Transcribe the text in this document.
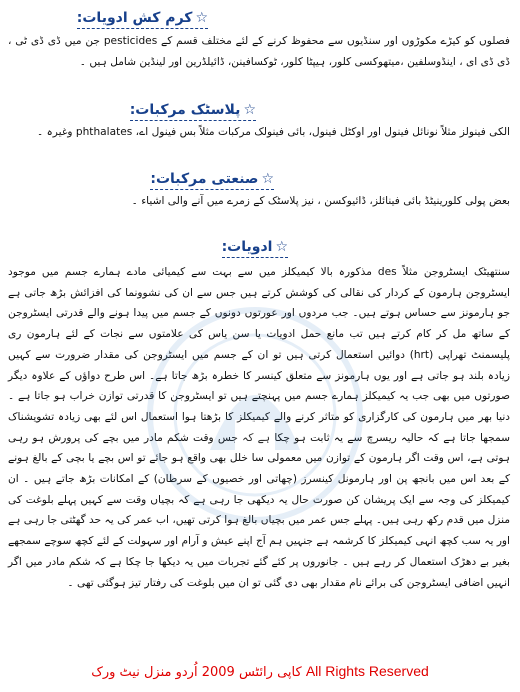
☆کرم کش ادویات:

فصلوں کو کیڑے مکوڑوں اور سنڈیوں سے محفوظ کرنے کے لئے مختلف قسم کے pesticides جن میں ڈی ڈی ٹی ، ڈی ڈی ای ، اینڈوسلفین ،میتھوکسی کلور، ہیپٹا کلور، ٹوکسافینن، ڈائیلڈرین اور لینڈین شامل ہیں ۔

☆پلاسٹک مرکبات:

الکی فینولز مثلاً نونائل فینول اور اوکٹل فینول، بائی فینولک مرکبات مثلاً بس فینول اے، phthalates وغیرہ ۔

☆صنعتی مرکبات:

بعض پولی کلورینیٹڈ بائی فینائلز، ڈائیوکسن ، نیز پلاسٹک کے زمرے میں آنے والی اشیاء ۔

☆ادویات:

سنتھیٹک ایسٹروجن مثلاً des مذکورہ بالا کیمیکلز میں سے بہت سے کیمیائی مادے ہمارے جسم میں موجود ایسٹروجن ہارمون کے کردار کی نقالی کی کوشش کرتے ہیں جس سے ان کی نشوونما کی افزائش بڑھ جاتی ہے جو ہارمونز سے حساس ہوتے ہیں۔ جب مردوں اور عورتوں دونوں کے جسم میں پیدا ہونے والے قدرتی ایسٹروجن کے ساتھ مل کر کام کرتے ہیں تب مانع حمل ادویات یا سن یاس کی علامتوں سے نجات کے لئے ہارمون ری پلیسمنٹ تھراپی (hrt) دوائیں استعمال کرتی ہیں تو ان کے جسم میں ایسٹروجن کی مقدار ضرورت سے کہیں زیادہ بلند ہو جاتی ہے اور یوں ہارمونز سے متعلق کینسر کا خطرہ بڑھ جاتا ہے۔ اس طرح دواؤں کے علاوہ دیگر صورتوں میں بھی جب یہ کیمیکلز ہمارے جسم میں پہنچتے ہیں تو ایسٹروجن کا قدرتی توازن خراب ہو جاتا ہے ۔ دنیا بھر میں ہارمون کی کارگزاری کو متاثر کرنے والے کیمیکلز کا بڑھتا ہوا استعمال اس لئے بھی زیادہ تشویشناک سمجھا جاتا ہے کہ حالیہ ریسرچ سے یہ ثابت ہو چکا ہے کہ جس وقت شکم مادر میں بچے کی پرورش ہو رہی ہوتی ہے، اس وقت اگر ہارمون کے توازن میں معمولی سا خلل بھی واقع ہو جائے تو اس بچے یا بچی کے بالغ ہونے کے بعد اس میں بانجھ پن اور ہارمونل کینسرز (چھاتی اور خصیوں کے سرطان) کے امکانات بڑھ جاتے ہیں ۔ ان کیمیکلز کی وجہ سے ایک پریشان کن صورت حال یہ دیکھی جا رہی ہے کہ بچیاں وقت سے کہیں پہلے بلوغت کی منزل میں قدم رکھ رہی ہیں۔ پہلے جس عمر میں بچیاں بالغ ہوا کرتی تھیں، اب عمر کی یہ حد گھٹتی جا رہی ہے اور یہ سب کچھ انہی کیمیکلز کا کرشمہ ہے جنہیں ہم آج اپنے عیش و آرام اور سہولت کے لئے کچھ سوچے سمجھے بغیر بے دھڑک استعمال کر رہے ہیں ۔ جانوروں پر کئے گئے تجربات میں یہ دیکھا جا چکا ہے کہ شکم مادر میں اگر انہیں اضافی ایسٹروجن کی برائے نام مقدار بھی دی گئی تو ان میں بلوغت کی رفتار تیز ہوگئی تھی ۔

کاپی رائٹس 2009 اُردو منزل نیٹ ورک All Rights Reserved
